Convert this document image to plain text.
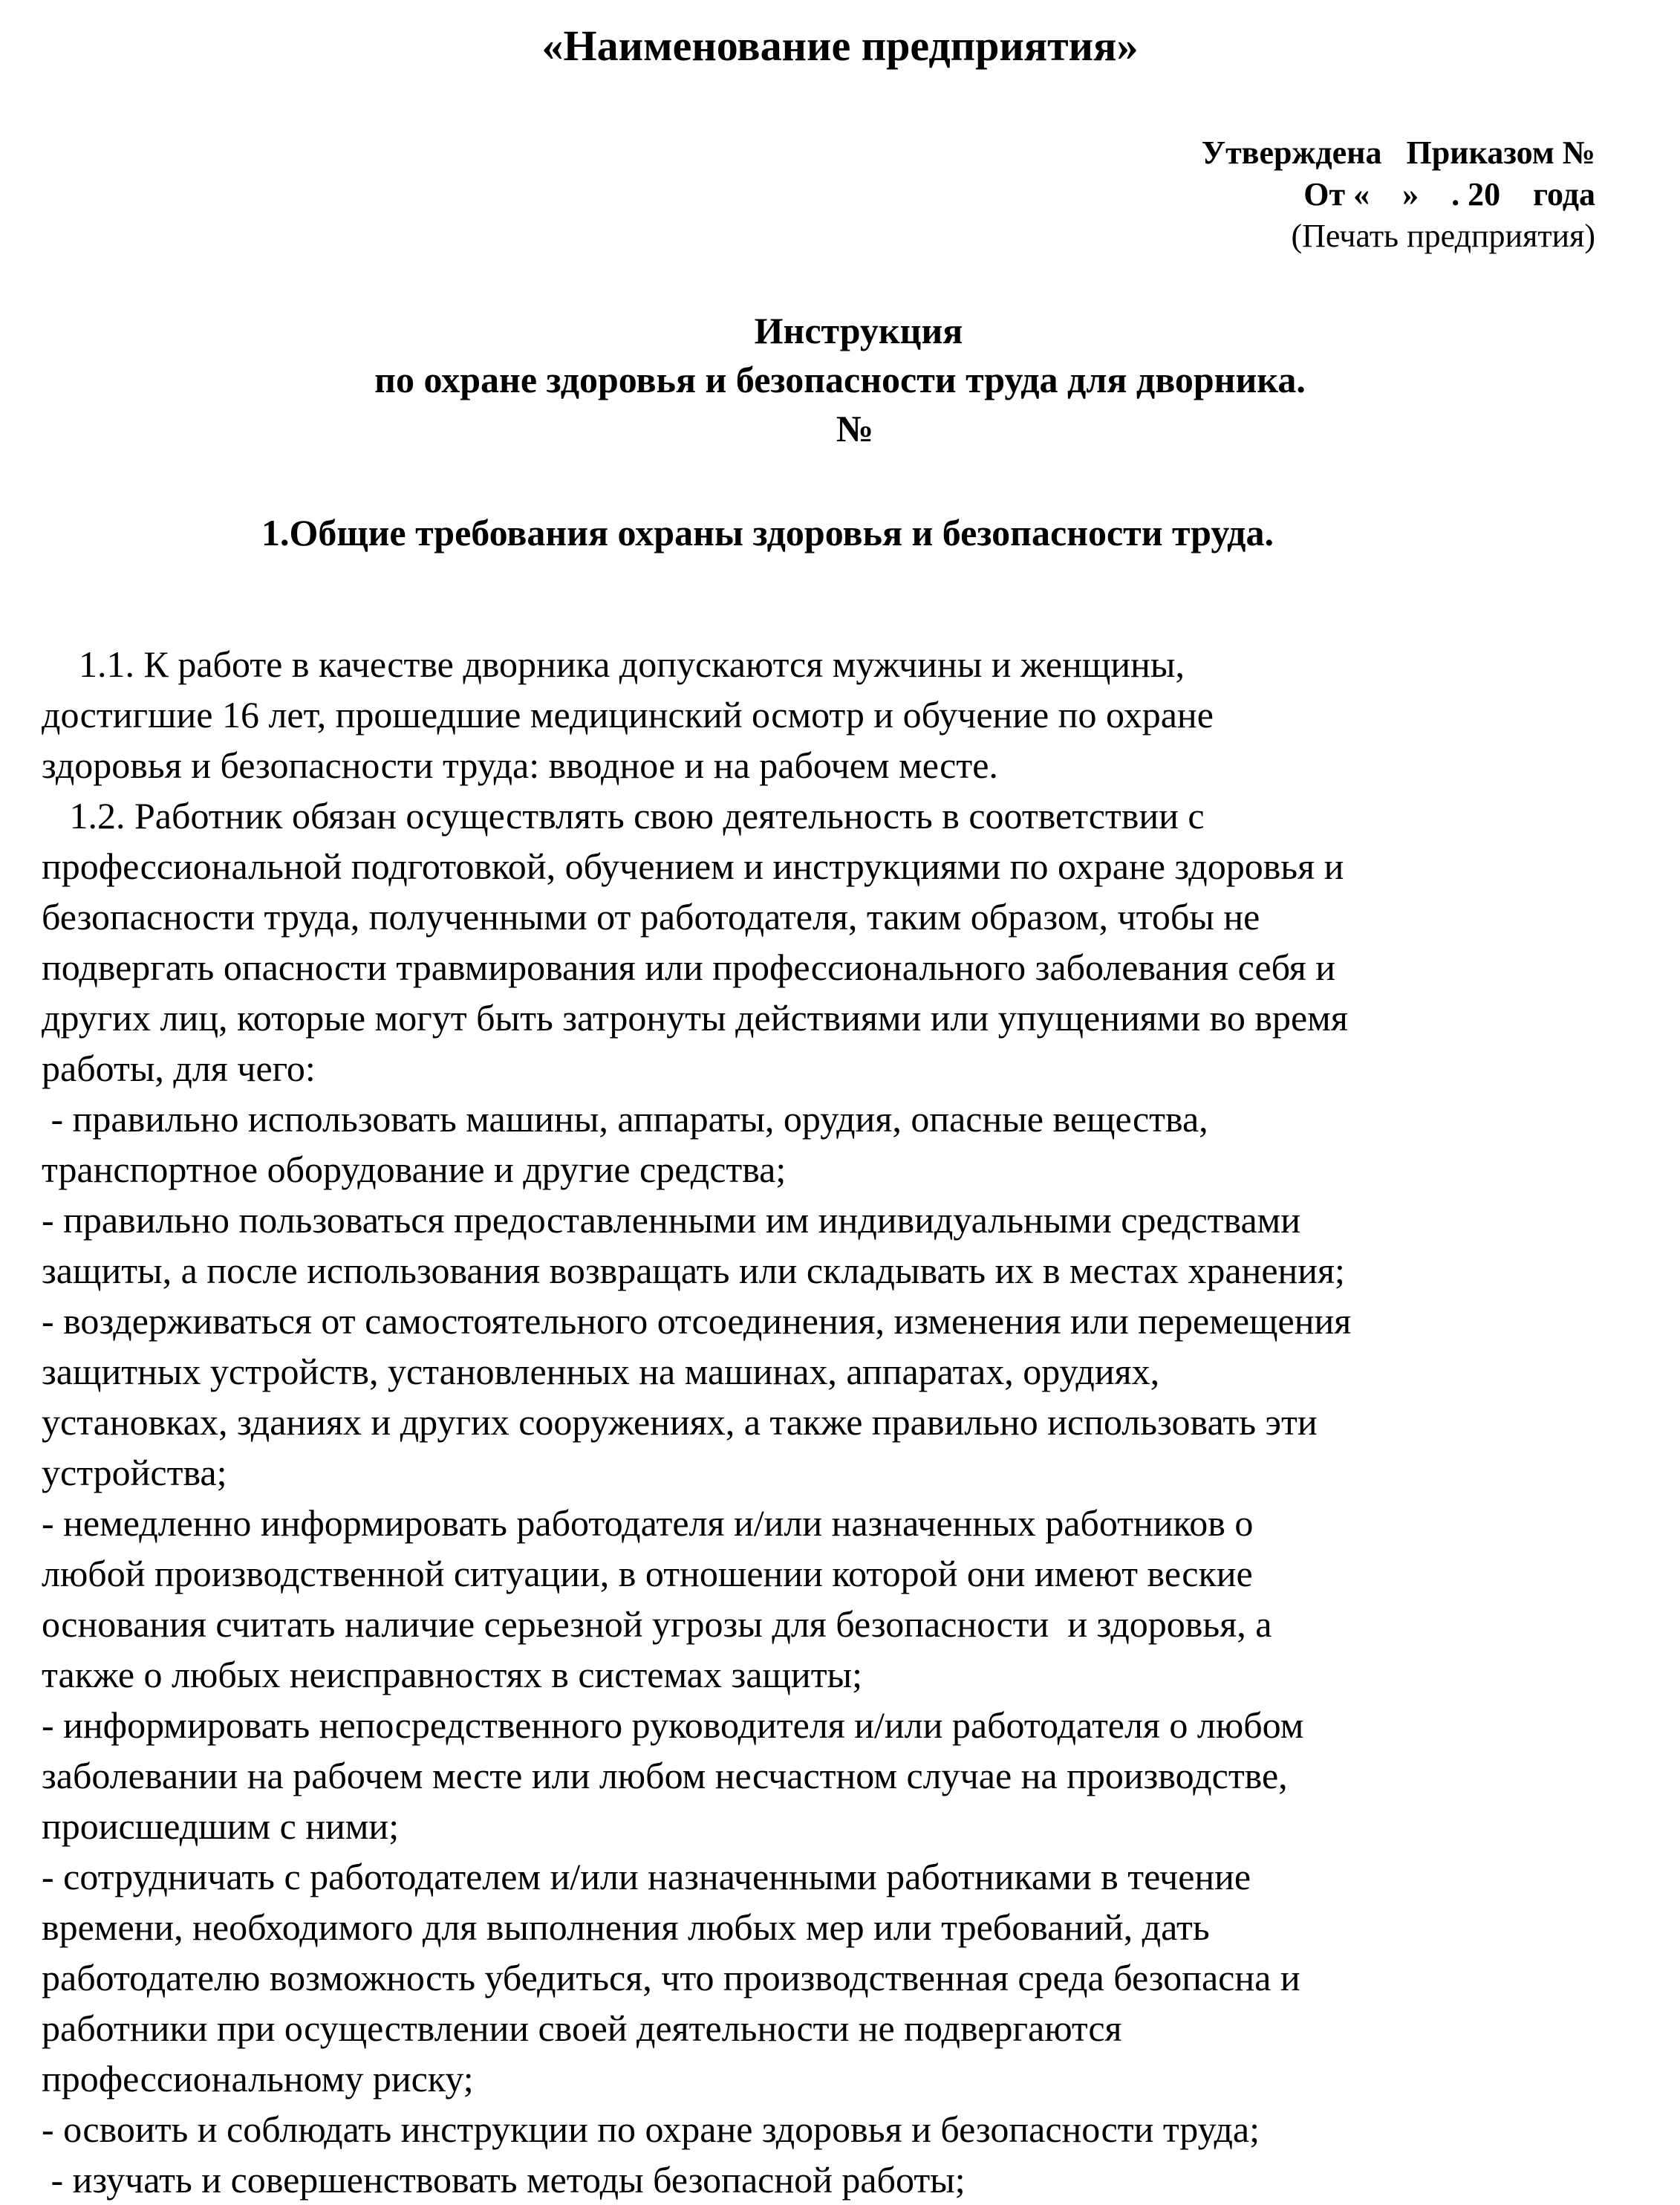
«Наименование предприятия»
Утверждена   Приказом №
От «    »    . 20    года
(Печать предприятия)
Инструкция
по охране здоровья и безопасности труда для дворника.
№
1.Общие требования охраны здоровья и безопасности труда.
1.1. К работе в качестве дворника допускаются мужчины и женщины,
достигшие 16 лет, прошедшие медицинский осмотр и обучение по охране
здоровья и безопасности труда: вводное и на рабочем месте.
1.2. Работник обязан осуществлять свою деятельность в соответствии с
профессиональной подготовкой, обучением и инструкциями по охране здоровья и
безопасности труда, полученными от работодателя, таким образом, чтобы не
подвергать опасности травмирования или профессионального заболевания себя и
других лиц, которые могут быть затронуты действиями или упущениями во время
работы, для чего:
- правильно использовать машины, аппараты, орудия, опасные вещества,
транспортное оборудование и другие средства;
- правильно пользоваться предоставленными им индивидуальными средствами
защиты, а после использования возвращать или складывать их в местах хранения;
- воздерживаться от самостоятельного отсоединения, изменения или перемещения
защитных устройств, установленных на машинах, аппаратах, орудиях,
установках, зданиях и других сооружениях, а также правильно использовать эти
устройства;
- немедленно информировать работодателя и/или назначенных работников о
любой производственной ситуации, в отношении которой они имеют веские
основания считать наличие серьезной угрозы для безопасности  и здоровья, а
также о любых неисправностях в системах защиты;
- информировать непосредственного руководителя и/или работодателя о любом
заболевании на рабочем месте или любом несчастном случае на производстве,
происшедшим с ними;
- сотрудничать с работодателем и/или назначенными работниками в течение
времени, необходимого для выполнения любых мер или требований, дать
работодателю возможность убедиться, что производственная среда безопасна и
работники при осуществлении своей деятельности не подвергаются
профессиональному риску;
- освоить и соблюдать инструкции по охране здоровья и безопасности труда;
- изучать и совершенствовать методы безопасной работы;
